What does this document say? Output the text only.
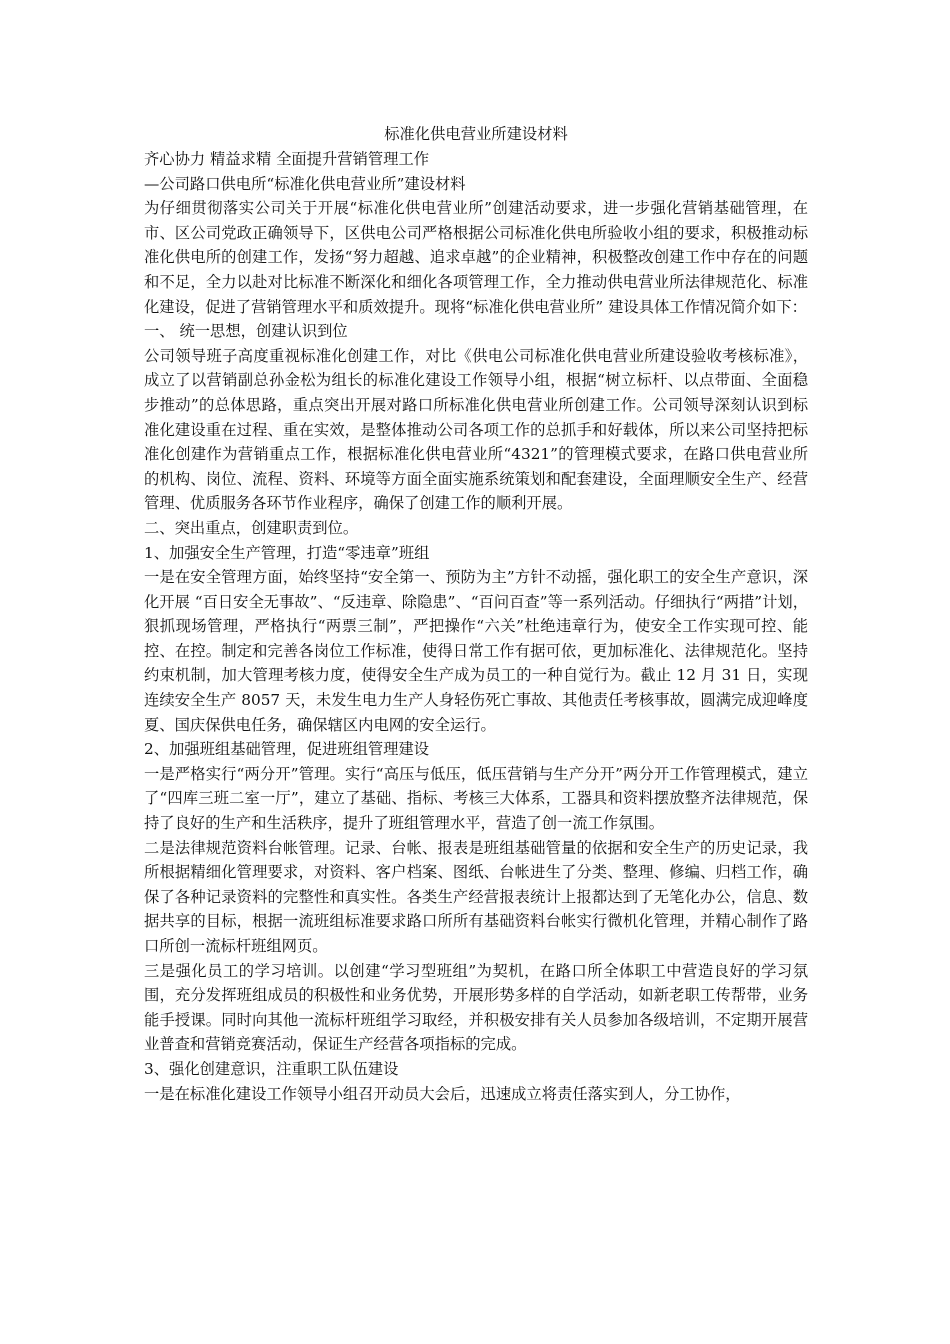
标准化供电营业所建设材料

齐心协力 精益求精 全面提升营销管理工作

—公司路口供电所“标准化供电营业所”建设材料

为仔细贯彻落实公司关于开展“标准化供电营业所”创建活动要求，进一步强化营销基础管理，在市、区公司党政正确领导下，区供电公司严格根据公司标准化供电所验收小组的要求，积极推动标准化供电所的创建工作，发扬“努力超越、追求卓越”的企业精神，积极整改创建工作中存在的问题和不足，全力以赴对比标准不断深化和细化各项管理工作，全力推动供电营业所法律规范化、标准化建设，促进了营销管理水平和质效提升。现将“标准化供电营业所” 建设具体工作情况简介如下：

一、 统一思想，创建认识到位

公司领导班子高度重视标准化创建工作，对比《供电公司标准化供电营业所建设验收考核标准》，成立了以营销副总孙金松为组长的标准化建设工作领导小组，根据“树立标杆、以点带面、全面稳步推动”的总体思路，重点突出开展对路口所标准化供电营业所创建工作。公司领导深刻认识到标准化建设重在过程、重在实效，是整体推动公司各项工作的总抓手和好载体，所以来公司坚持把标准化创建作为营销重点工作，根据标准化供电营业所“4321”的管理模式要求，在路口供电营业所的机构、岗位、流程、资料、环境等方面全面实施系统策划和配套建设，全面理顺安全生产、经营管理、优质服务各环节作业程序，确保了创建工作的顺利开展。

二、突出重点，创建职责到位。

1、加强安全生产管理，打造“零违章”班组

一是在安全管理方面，始终坚持“安全第一、预防为主”方针不动摇，强化职工的安全生产意识，深化开展 “百日安全无事故”、“反违章、除隐患”、“百问百查”等一系列活动。仔细执行“两措”计划，狠抓现场管理，严格执行“两票三制”，严把操作“六关”杜绝违章行为，使安全工作实现可控、能控、在控。制定和完善各岗位工作标准，使得日常工作有据可依，更加标准化、法律规范化。坚持约束机制，加大管理考核力度，使得安全生产成为员工的一种自觉行为。截止 12 月 31 日，实现连续安全生产 8057 天，未发生电力生产人身轻伤死亡事故、其他责任考核事故，圆满完成迎峰度夏、国庆保供电任务，确保辖区内电网的安全运行。

2、加强班组基础管理，促进班组管理建设

一是严格实行“两分开”管理。实行“高压与低压，低压营销与生产分开”两分开工作管理模式，建立了“四库三班二室一厅”，建立了基础、指标、考核三大体系，工器具和资料摆放整齐法律规范，保持了良好的生产和生活秩序，提升了班组管理水平，营造了创一流工作氛围。

二是法律规范资料台帐管理。记录、台帐、报表是班组基础管量的依据和安全生产的历史记录，我所根据精细化管理要求，对资料、客户档案、图纸、台帐进生了分类、整理、修编、归档工作，确保了各种记录资料的完整性和真实性。各类生产经营报表统计上报都达到了无笔化办公，信息、数据共享的目标，根据一流班组标准要求路口所所有基础资料台帐实行微机化管理，并精心制作了路口所创一流标杆班组网页。

三是强化员工的学习培训。以创建“学习型班组”为契机，在路口所全体职工中营造良好的学习氛围，充分发挥班组成员的积极性和业务优势，开展形势多样的自学活动，如新老职工传帮带，业务能手授课。同时向其他一流标杆班组学习取经，并积极安排有关人员参加各级培训，不定期开展营业普查和营销竞赛活动，保证生产经营各项指标的完成。

3、强化创建意识，注重职工队伍建设

一是在标准化建设工作领导小组召开动员大会后，迅速成立将责任落实到人，分工协作，
